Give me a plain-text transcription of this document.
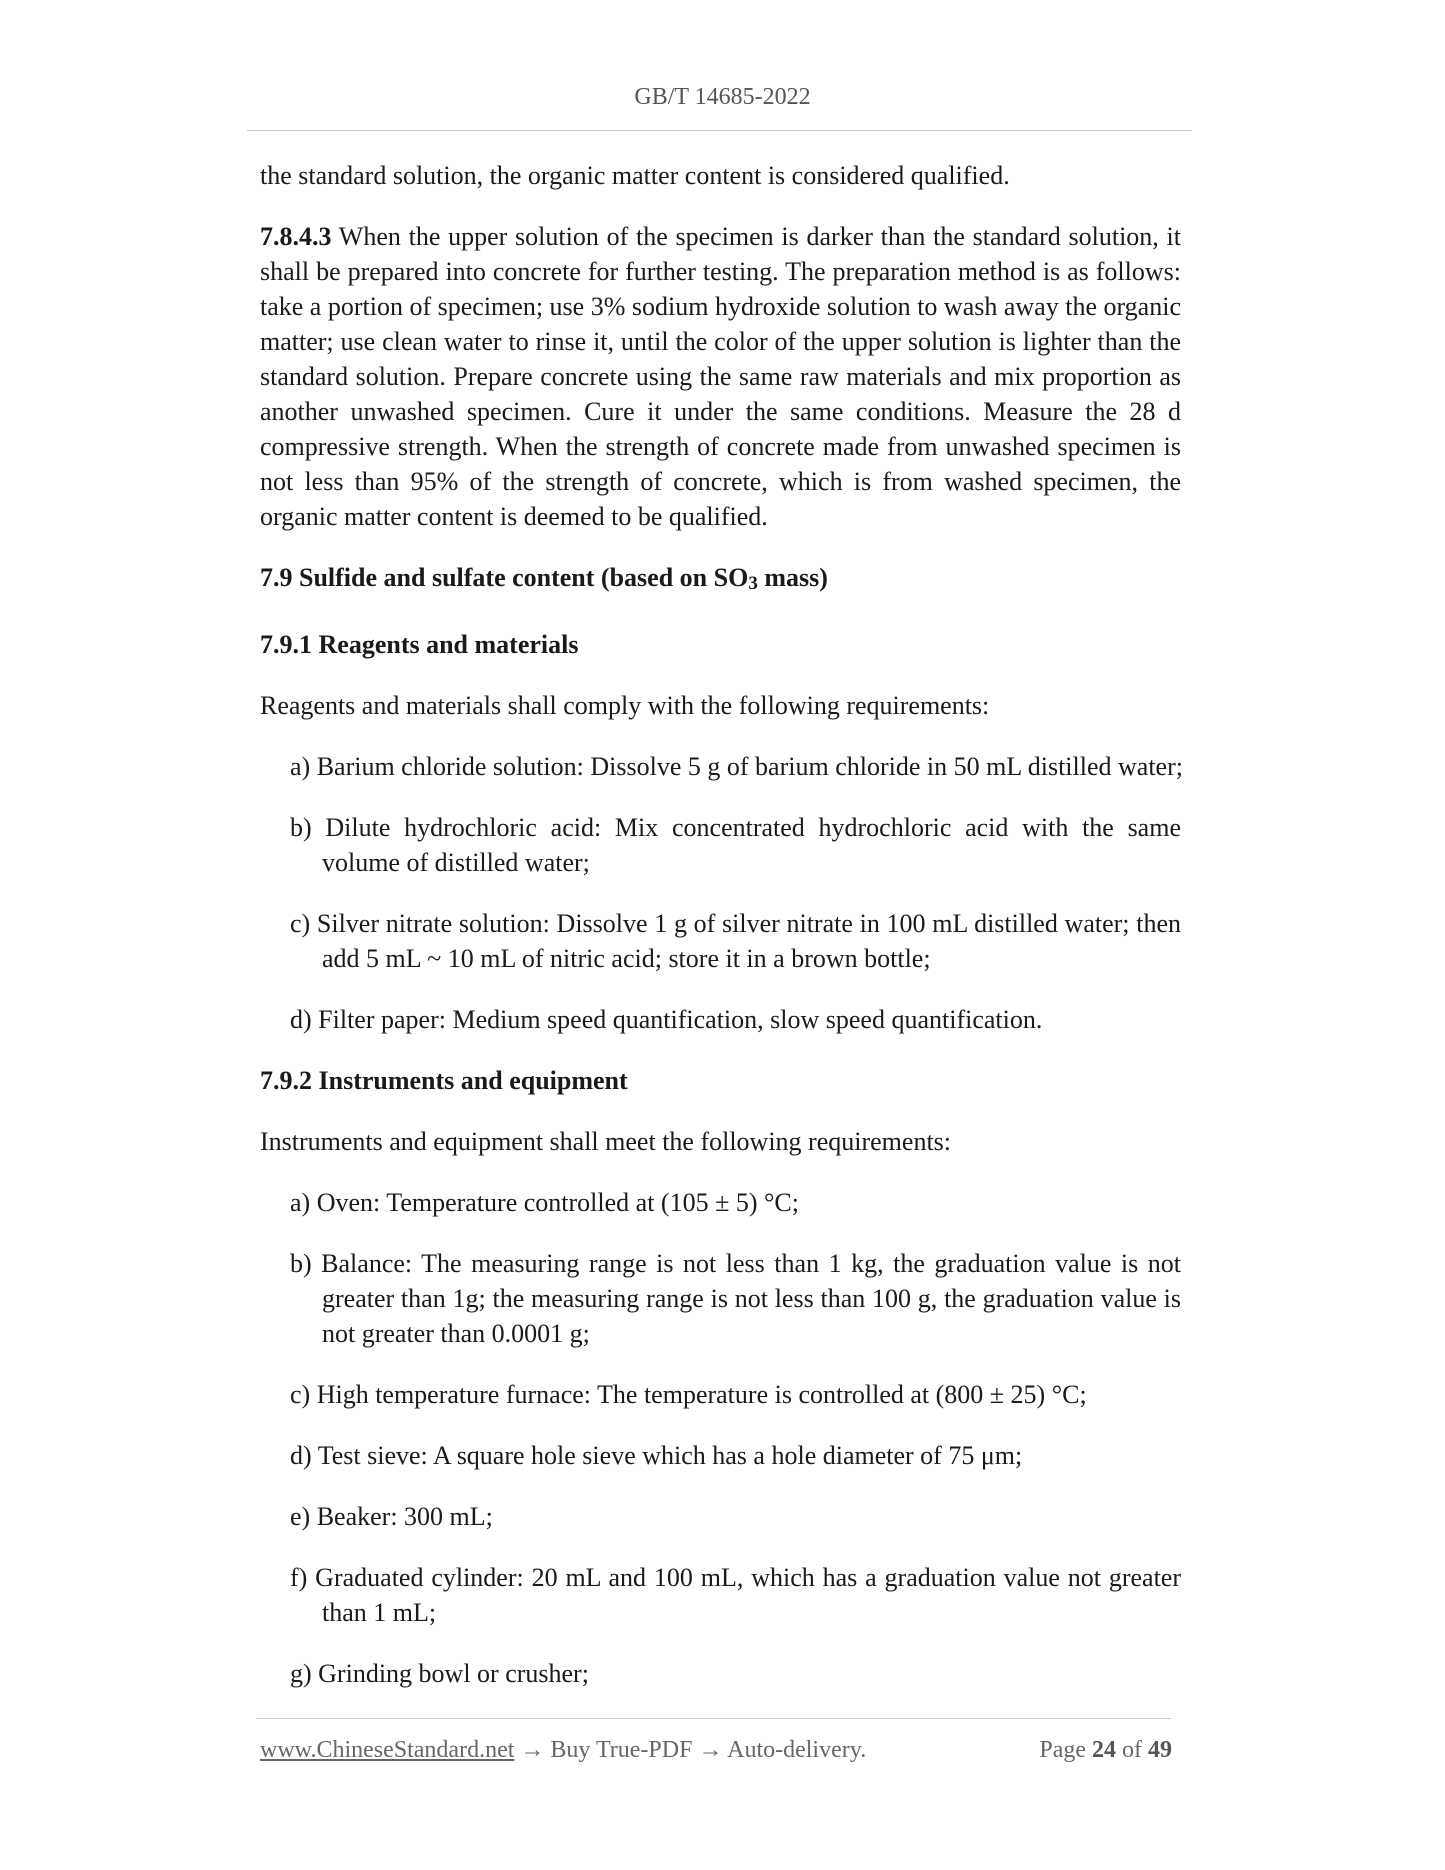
GB/T 14685-2022

the standard solution, the organic matter content is considered qualified.

7.8.4.3 When the upper solution of the specimen is darker than the standard solution, it shall be prepared into concrete for further testing. The preparation method is as follows: take a portion of specimen; use 3% sodium hydroxide solution to wash away the organic matter; use clean water to rinse it, until the color of the upper solution is lighter than the standard solution. Prepare concrete using the same raw materials and mix proportion as another unwashed specimen. Cure it under the same conditions. Measure the 28 d compressive strength. When the strength of concrete made from unwashed specimen is not less than 95% of the strength of concrete, which is from washed specimen, the organic matter content is deemed to be qualified.

7.9 Sulfide and sulfate content (based on SO3 mass)

7.9.1 Reagents and materials

Reagents and materials shall comply with the following requirements:

a) Barium chloride solution: Dissolve 5 g of barium chloride in 50 mL distilled water;

b) Dilute hydrochloric acid: Mix concentrated hydrochloric acid with the same volume of distilled water;

c) Silver nitrate solution: Dissolve 1 g of silver nitrate in 100 mL distilled water; then add 5 mL ~ 10 mL of nitric acid; store it in a brown bottle;

d) Filter paper: Medium speed quantification, slow speed quantification.

7.9.2 Instruments and equipment

Instruments and equipment shall meet the following requirements:

a) Oven: Temperature controlled at (105 ± 5) °C;

b) Balance: The measuring range is not less than 1 kg, the graduation value is not greater than 1g; the measuring range is not less than 100 g, the graduation value is not greater than 0.0001 g;

c) High temperature furnace: The temperature is controlled at (800 ± 25) °C;

d) Test sieve: A square hole sieve which has a hole diameter of 75 μm;

e) Beaker: 300 mL;

f) Graduated cylinder: 20 mL and 100 mL, which has a graduation value not greater than 1 mL;

g) Grinding bowl or crusher;

www.ChineseStandard.net → Buy True-PDF → Auto-delivery.	Page 24 of 49
